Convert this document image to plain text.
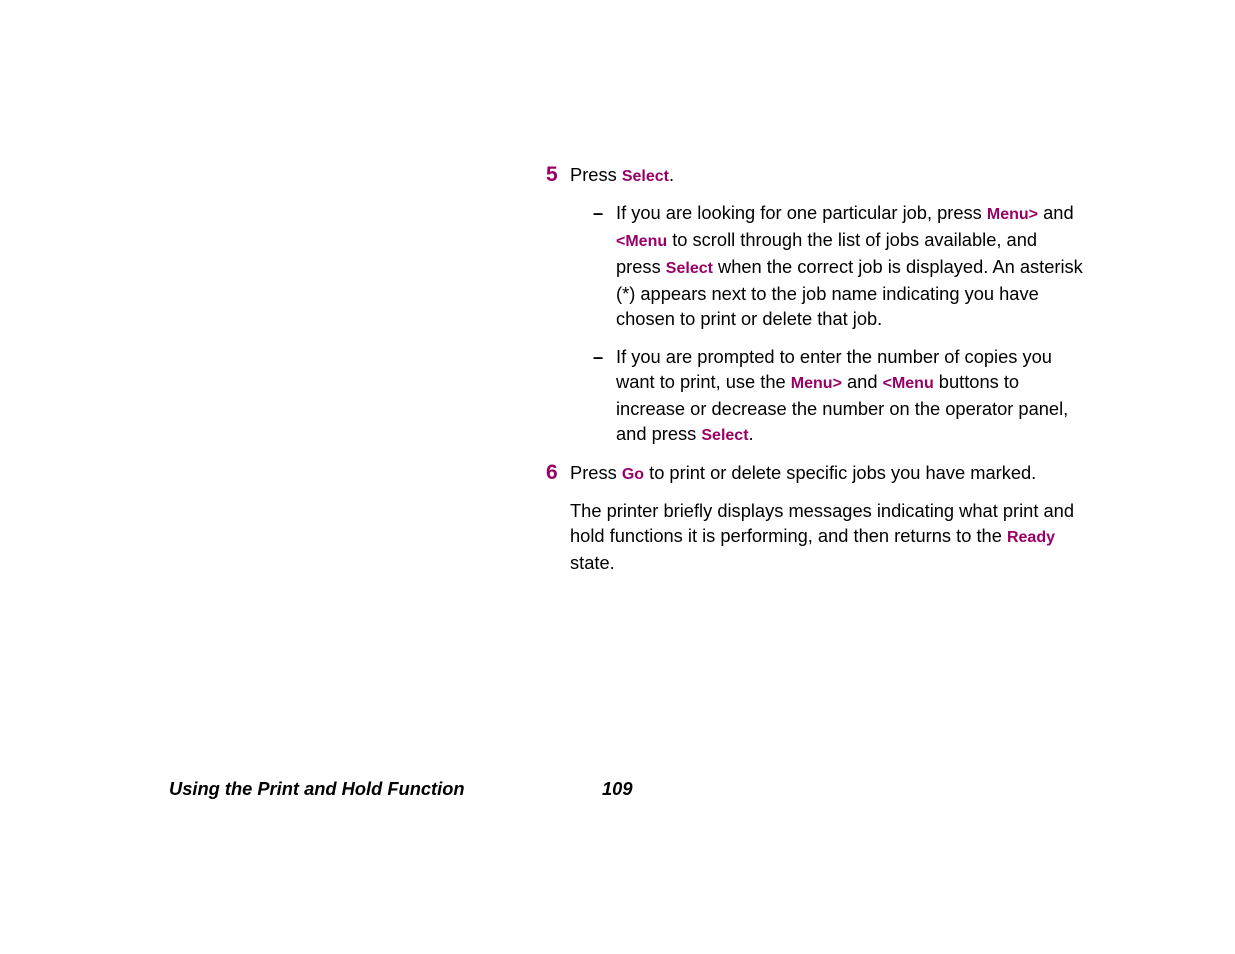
5 Press Select.

– If you are looking for one particular job, press Menu> and <Menu to scroll through the list of jobs available, and press Select when the correct job is displayed. An asterisk (*) appears next to the job name indicating you have chosen to print or delete that job.
– If you are prompted to enter the number of copies you want to print, use the Menu> and <Menu buttons to increase or decrease the number on the operator panel, and press Select.
6 Press Go to print or delete specific jobs you have marked.

The printer briefly displays messages indicating what print and hold functions it is performing, and then returns to the Ready state.

Using the Print and Hold Function	109
